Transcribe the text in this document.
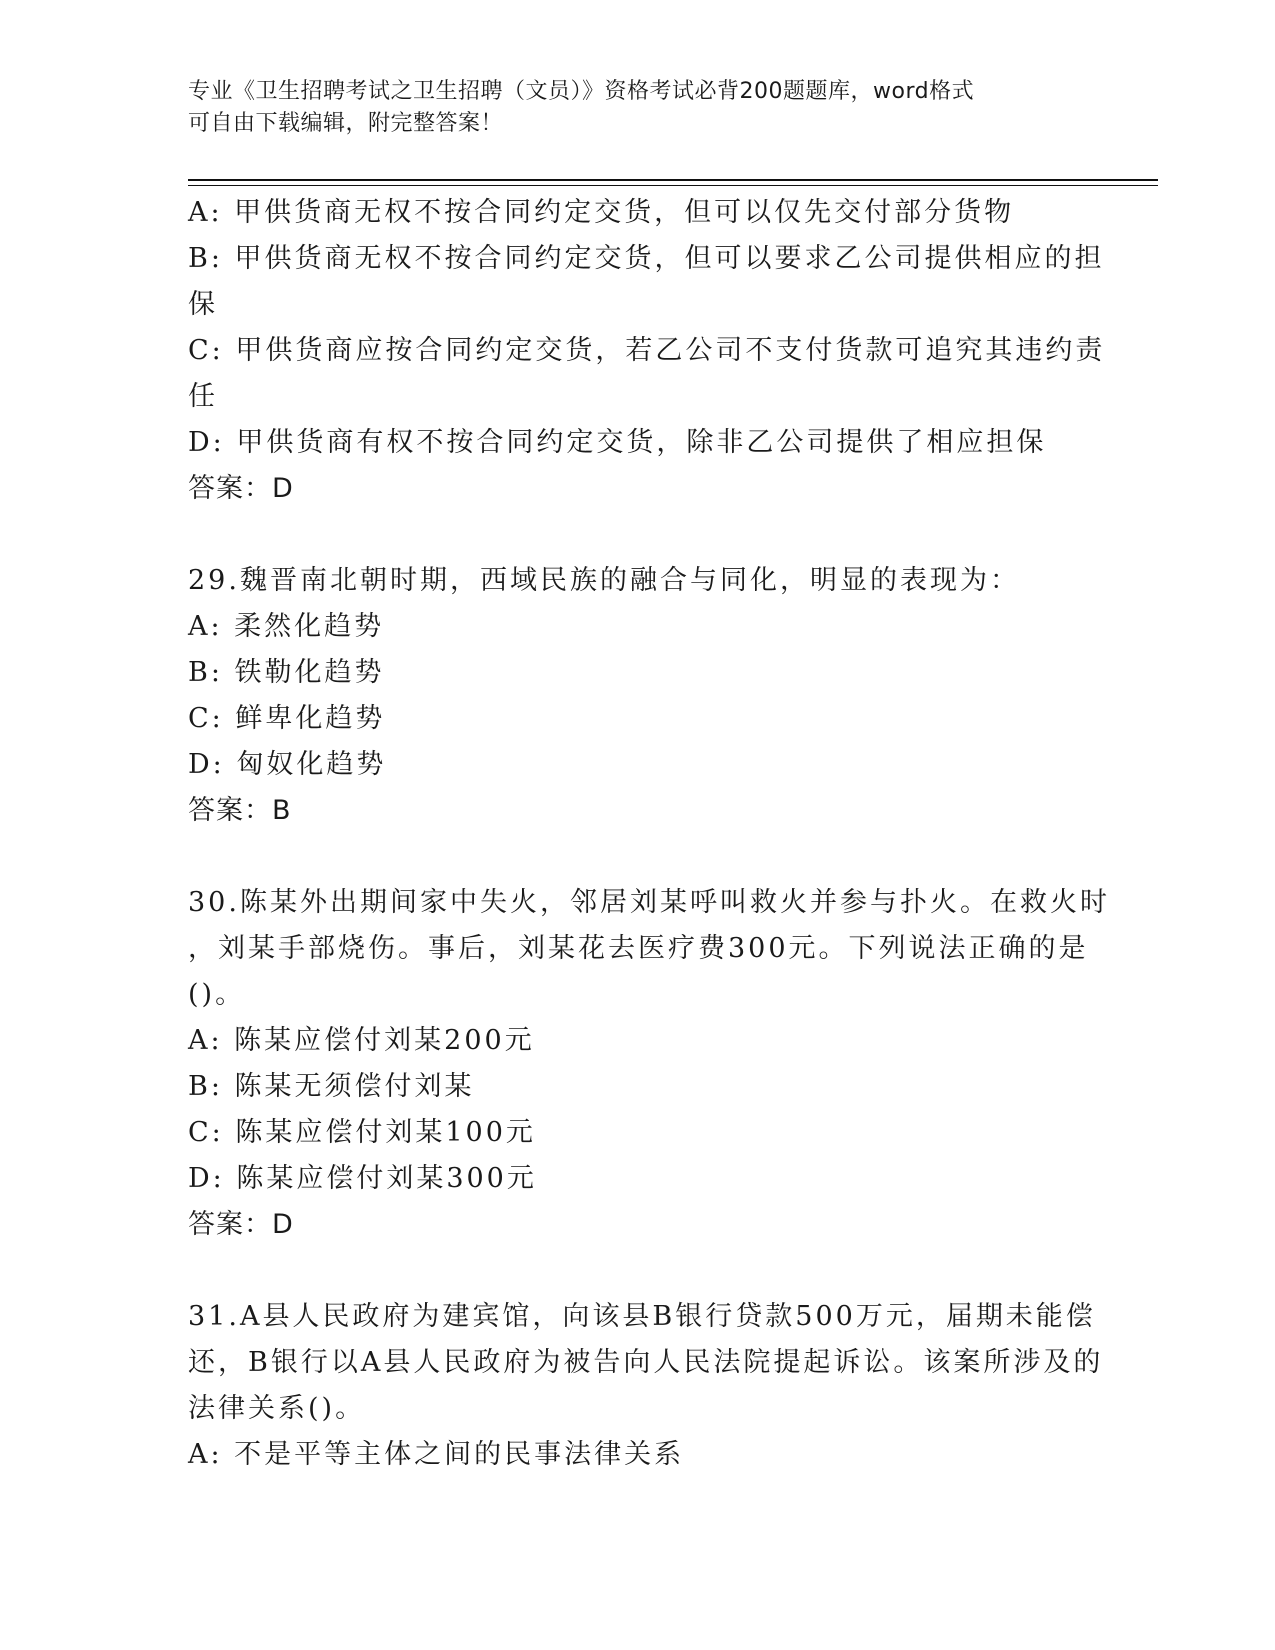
专业《卫生招聘考试之卫生招聘（文员）》资格考试必背200题题库，word格式
可自由下载编辑，附完整答案！
A: 甲供货商无权不按合同约定交货，但可以仅先交付部分货物
B: 甲供货商无权不按合同约定交货，但可以要求乙公司提供相应的担
保
C: 甲供货商应按合同约定交货，若乙公司不支付货款可追究其违约责
任
D: 甲供货商有权不按合同约定交货，除非乙公司提供了相应担保
答案：D
29.魏晋南北朝时期，西域民族的融合与同化，明显的表现为：
A: 柔然化趋势
B: 铁勒化趋势
C: 鲜卑化趋势
D: 匈奴化趋势
答案：B
30.陈某外出期间家中失火，邻居刘某呼叫救火并参与扑火。在救火时
，刘某手部烧伤。事后，刘某花去医疗费300元。下列说法正确的是
()。
A: 陈某应偿付刘某200元
B: 陈某无须偿付刘某
C: 陈某应偿付刘某100元
D: 陈某应偿付刘某300元
答案：D
31.A县人民政府为建宾馆，向该县B银行贷款500万元，届期未能偿
还，B银行以A县人民政府为被告向人民法院提起诉讼。该案所涉及的
法律关系()。
A: 不是平等主体之间的民事法律关系
